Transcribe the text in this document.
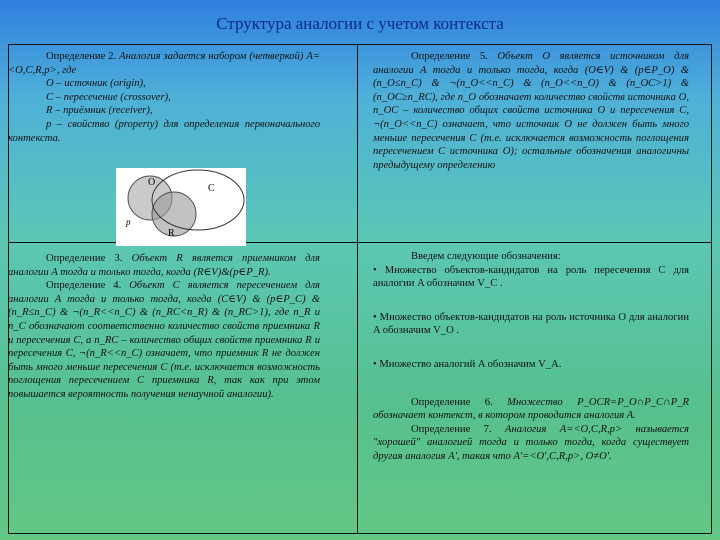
Структура аналогии с учетом контекста

Определение 2. Аналогия задается набором (четверкой) A=<O,C,R,p>, где

O – источник (origin),

C – пересечение (crossover),

R – приёмник (receiver),

p – свойство (property) для определения первоначального контекста.

O
C
R
p

Определение 5. Объект O является источником для аналогии A тогда и только тогда, когда (O∈V) & (p∈P_O) & (n_O≤n_C) & ¬(n_O<<n_C) & (n_O<<n_O) & (n_OC>1) & (n_OC≥n_RC), где n_O обозначает количество свойств источника O, n_OC – количество общих свойств источника O и пересечения C, ¬(n_O<<n_C) означает, что источник O не должен быть много меньше пересечения C (т.е. исключается возможность поглощения пересечением C источника O); остальные обозначения аналогичны предыдущему определению

Определение 3. Объект R является приемником для аналогии A тогда и только тогда, когда (R∈V)&(p∈P_R).

Определение 4. Объект C является пересечением для аналогии A тогда и только тогда, когда (C∈V) & (p∈P_C) & (n_R≤n_C) & ¬(n_R<<n_C) & (n_RC<n_R) & (n_RC>1), где n_R и n_C обозначают соответственно количество свойств приемника R и пересечения C, а n_RC – количество общих свойств приемника R и пересечения C, ¬(n_R<<n_C) означает, что приемник R не должен быть много меньше пересечения C (т.е. исключается возможность поглощения пересечением C приемника R, так как при этом повышается вероятность получения ненаучной аналогии).

Введем следующие обозначения:

• Множество объектов-кандидатов на роль пересечения C для аналогии A обозначим V_C .

• Множество объектов-кандидатов на роль источника O для аналогии A обозначим V_O .

• Множество аналогий A обозначим V_A.

Определение 6. Множество P_OCR=P_O∩P_C∩P_R обозначает контекст, в котором проводится аналогия A.

Определение 7. Аналогия A=<O,C,R,p> называется "хорошей" аналогией тогда и только тогда, когда существует другая аналогия A', такая что A'=<O',C,R,p>, O≠O'.
